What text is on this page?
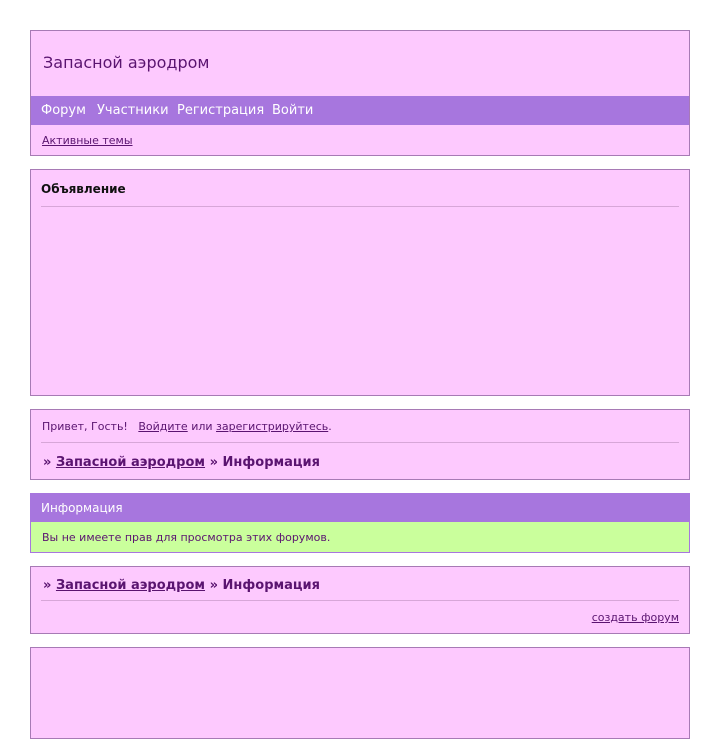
Запасной аэродром
Форум Участники Регистрация Войти
Активные темы
Объявление
Привет, Гость! Войдите или зарегистрируйтесь.
» Запасной аэродром » Информация
Информация
Вы не имеете прав для просмотра этих форумов.
» Запасной аэродром » Информация
создать форум
